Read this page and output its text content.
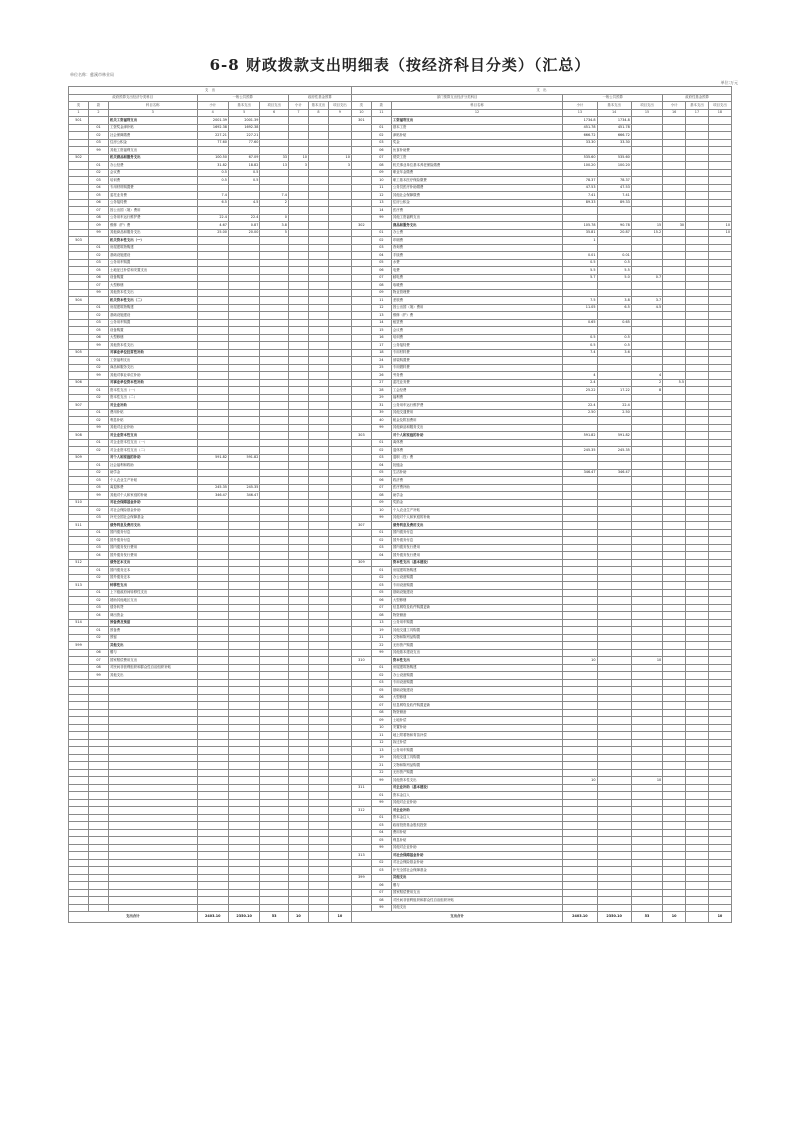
6-8 财政拨款支出明细表（按经济科目分类）（汇总）
单位名称：慈溪市林业局
单位:万元
支　出									支　出								
政府预算支出经济分类科目			一般公共预算			政府性基金预算			部门预算支出经济分类科目			一般公共预算			政府性基金预算		
类	款	科目名称	小计	基本支出	项目支出	小计	基本支出	项目支出	类	款	科目名称	小计	基本支出	项目支出	小计	基本支出	项目支出
1	2	3	4	5	6	7	8	9	10	11	12	13	14	15	16	17	18
501		机关工资福利支出	2001.39	2001.39					301		工资福利支出	1734.8	1734.8				
	01	工资奖金津补贴	1692.38	1692.38						01	基本工资	451.78	451.78				
	02	社会保障缴费	227.21	227.21						02	津贴补贴	666.72	666.72				
	03	住房公积金	77.60	77.60						03	奖金	33.30	33.30				
	99	其他工资福利支出								06	伙食补助费						
502		机关商品和服务支出	100.50	67.09	33	10		10		07	绩效工资	535.60	535.60				
	01	办公经费	31.82	18.82	13	3		3		08	机关事业单位基本养老保险缴费	100.20	100.20				
	02	会议费	0.5	0.5						09	职业年金缴费						
	03	培训费	0.5	0.5						10	职工基本医疗保险缴费	78.37	78.37				
	04	专用材料购置费								11	公务员医疗补助缴费	47.53	47.53				
	05	委托业务费	7.4		7.4					12	其他社会保障缴费	7.41	7.41				
	06	公务接待费	6.5	4.5	2					13	住房公积金	89.33	89.33				
	07	因公出国（境）费用								14	医疗费						
	08	公务用车运行维护费	22.4	22.4	0					99	其他工资福利支出						
	09	维修（护）费	4.67	0.87	3.8				302		商品和服务支出	105.78	90.78	15	30		10
	99	其他商品和服务支出	25.00	20.00	5					01	办公费	35.81	20.87	15.2			10
503		机关资本性支出（一）								02	印刷费	1					
	01	房屋建筑物购建								03	咨询费						
	02	基础设施建设								04	手续费	0.01	0.01				
	03	公务用车购置								05	水费	0.5	0.5				
	05	土地征迁补偿和安置支出								06	电费	5.5	5.5				
	06	设备购置								07	邮电费	5.7	5.0	0.7			
	07	大型修缮								08	取暖费						
	99	其他资本性支出								09	物业管理费						
504		机关资本性支出（二）								11	差旅费	7.5	3.8	3.7			
	01	房屋建筑物购建								12	因公出国（境）费用	11.05	6.5	4.5			
	02	基础设施建设								13	维修（护）费						
	03	公务用车购置								14	租赁费	0.65	0.65				
	05	设备购置								15	会议费						
	06	大型修缮								16	培训费	0.5	0.5				
	99	其他资本性支出								17	公务接待费	0.5	0.5				
505		对事业单位经常性补助								18	专用材料费	7.4	3.6				
	01	工资福利支出								24	被装购置费						
	02	商品和服务支出								25	专用燃料费						
	99	其他对事业单位补助								26	劳务费	4		4			
506		对事业单位资本性补助								27	委托业务费	2.4		2	5.5		
	01	资本性支出（一）								28	工会经费	25.22	17.22	8			
	02	资本性支出（二）								29	福利费						
507		对企业补助								31	公务用车运行维护费	22.4	22.4				
	01	费用补贴								39	其他交通费用	2.50	2.50				
	02	利息补贴								40	税金及附加费用						
	99	其他对企业补助								99	其他商品和服务支出						
508		对企业资本性支出							303		对个人和家庭的补助	591.82	591.82				
	01	对企业资本性支出（一）								01	离休费						
	02	对企业资本性支出（二）								02	退休费	245.35	245.35				
509		对个人和家庭的补助	591.82	591.82						03	退职（役）费						
	01	社会福利和救助								04	抚恤金						
	02	助学金								05	生活补助	346.47	346.47				
	03	个人农业生产补贴								06	救济费						
	05	离退休费	245.35	245.35						07	医疗费补助						
	99	其他对个人和家庭的补助	346.47	346.47						08	助学金						
510		对社会保障基金补助								09	奖励金						
	02	对社会保险基金补助								10	个人农业生产补贴						
	03	补充全国社会保障基金								99	其他对个人和家庭的补助						
511		债务利息及费用支出							307		债务利息及费用支出						
	01	国内债务付息								01	国内债务付息						
	02	国外债务付息								02	国外债务付息						
	03	国内债务发行费用								03	国内债务发行费用						
	04	国外债务发行费用								04	国外债务发行费用						
512		债务还本支出							309		资本性支出（基本建设）						
	01	国内债务还本								01	房屋建筑物购建						
	02	国外债务还本								02	办公设备购置						
513		转移性支出								03	专用设备购置						
	01	上下级政府间转移性支出								05	基础设施建设						
	02	援助其他地区支出								06	大型修缮						
	03	债务转贷								07	信息网络及软件购置更新						
	04	调出资金								08	物资储备						
514		预备费及预留								13	公务用车购置						
	01	预备费								19	其他交通工具购置						
	02	预留								21	文物和陈列品购置						
599		其他支出								22	无形资产购置						
	06	赠与								99	其他基本建设支出						
	07	国家赔偿费用支出							310		资本性支出	10		10			
	08	对民间非营利组织和群众性自治组织补贴								01	房屋建筑物购建						
	99	其他支出								02	办公设备购置						
										03	专用设备购置						
										05	基础设施建设						
										06	大型修缮						
										07	信息网络及软件购置更新						
										08	物资储备						
										09	土地补偿						
										10	安置补助						
										11	地上附着物和青苗补偿						
										12	拆迁补偿						
										13	公务用车购置						
										19	其他交通工具购置						
										21	文物和陈列品购置						
										22	无形资产购置						
										99	其他资本性支出	10		10			
									311		对企业补助（基本建设）						
										01	资本金注入						
										99	其他对企业补助						
									312		对企业补助						
										01	资本金注入						
										03	政府投资基金股权投资						
										04	费用补贴						
										05	利息补贴						
										99	其他对企业补助						
									313		对社会保障基金补助						
										02	对社会保险基金补助						
										03	补充全国社会保障基金						
									399		其他支出						
										06	赠与						
										07	国家赔偿费用支出						
										08	对民间非营利组织和群众性自治组织补贴						
										99	其他支出						
支出合计			2403.10	2350.10	53	10		10	支出合计			2403.10	2350.10	53	10		10
